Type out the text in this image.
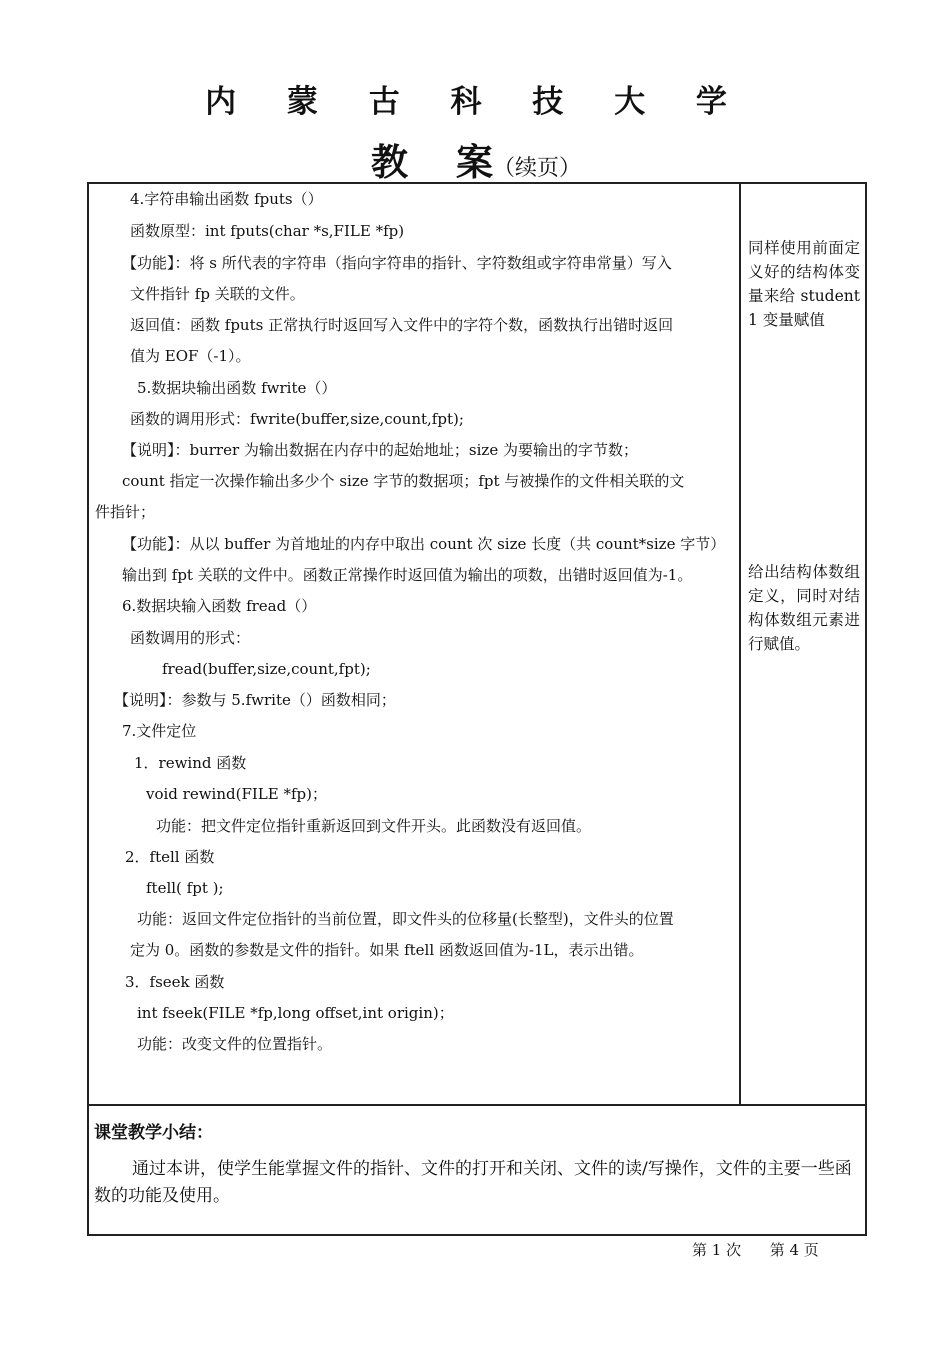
内 蒙 古 科 技 大 学
教 案（续页）
4.字符串输出函数 fputs（）
函数原型：int fputs(char *s,FILE *fp)
【功能】：将 s 所代表的字符串（指向字符串的指针、字符数组或字符串常量）写入
文件指针 fp 关联的文件。
返回值：函数 fputs 正常执行时返回写入文件中的字符个数，函数执行出错时返回
值为 EOF（-1）。
5.数据块输出函数 fwrite（）
函数的调用形式：fwrite(buffer,size,count,fpt);
【说明】：burrer 为输出数据在内存中的起始地址；size 为要输出的字节数；
count 指定一次操作输出多少个 size 字节的数据项；fpt 与被操作的文件相关联的文
件指针；
【功能】：从以 buffer 为首地址的内存中取出 count 次 size 长度（共 count*size 字节）
输出到 fpt 关联的文件中。函数正常操作时返回值为输出的项数，出错时返回值为-1。
6.数据块输入函数 fread（）
函数调用的形式：
fread(buffer,size,count,fpt);
【说明】：参数与 5.fwrite（）函数相同；
7.文件定位
1．rewind 函数
void rewind(FILE *fp)；
功能：把文件定位指针重新返回到文件开头。此函数没有返回值。
2．ftell 函数
ftell( fpt );
功能：返回文件定位指针的当前位置，即文件头的位移量(长整型)，文件头的位置
定为 0。函数的参数是文件的指针。如果 ftell 函数返回值为-1L，表示出错。
3．fseek 函数
int fseek(FILE *fp,long offset,int origin)；
功能：改变文件的位置指针。
同样使用前面定义好的结构体变量来给 student1 变量赋值
给出结构体数组定义，同时对结构体数组元素进行赋值。
课堂教学小结：
通过本讲，使学生能掌握文件的指针、文件的打开和关闭、文件的读/写操作，文件的主要一些函数的功能及使用。
第 1 次 第 4 页
